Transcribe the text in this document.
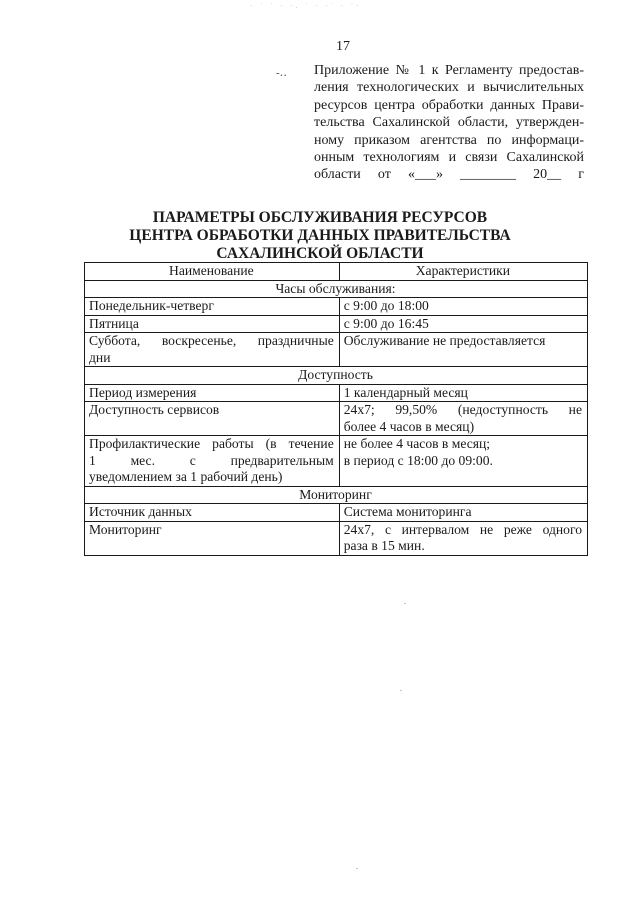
· ˙ ˙ · ·. ˙ · ·˙ · ˙·
17
-‥ Приложение № 1 к Регламенту предостав-
ления технологических и вычислительных
ресурсов центра обработки данных Прави-
тельства Сахалинской области, утвержден-
ному приказом агентства по информаци-
онным технологиям и связи Сахалинской
области от «___» ________ 20__ г
ПАРАМЕТРЫ ОБСЛУЖИВАНИЯ РЕСУРСОВ
ЦЕНТРА ОБРАБОТКИ ДАННЫХ ПРАВИТЕЛЬСТВА
САХАЛИНСКОЙ ОБЛАСТИ
Наименование	Характеристики
Часы обслуживания:	
Понедельник-четверг	с 9:00 до 18:00
Пятница	с 9:00 до 16:45

Суббота, воскресенье, праздничные
дни	Обслуживание не предоставляется
Доступность	
Период измерения	1 календарный месяц
Доступность сервисов	24x7; 99,50% (недоступность не
более 4 часов в месяц)

Профилактические работы (в течение
1 мес. с предварительным
уведомлением за 1 рабочий день)	не более 4 часов в месяц;
в период с 18:00 до 09:00.

Мониторинг	
Источник данных	Система мониторинга
Мониторинг	24x7, с интервалом не реже одного
раза в 15 мин.
